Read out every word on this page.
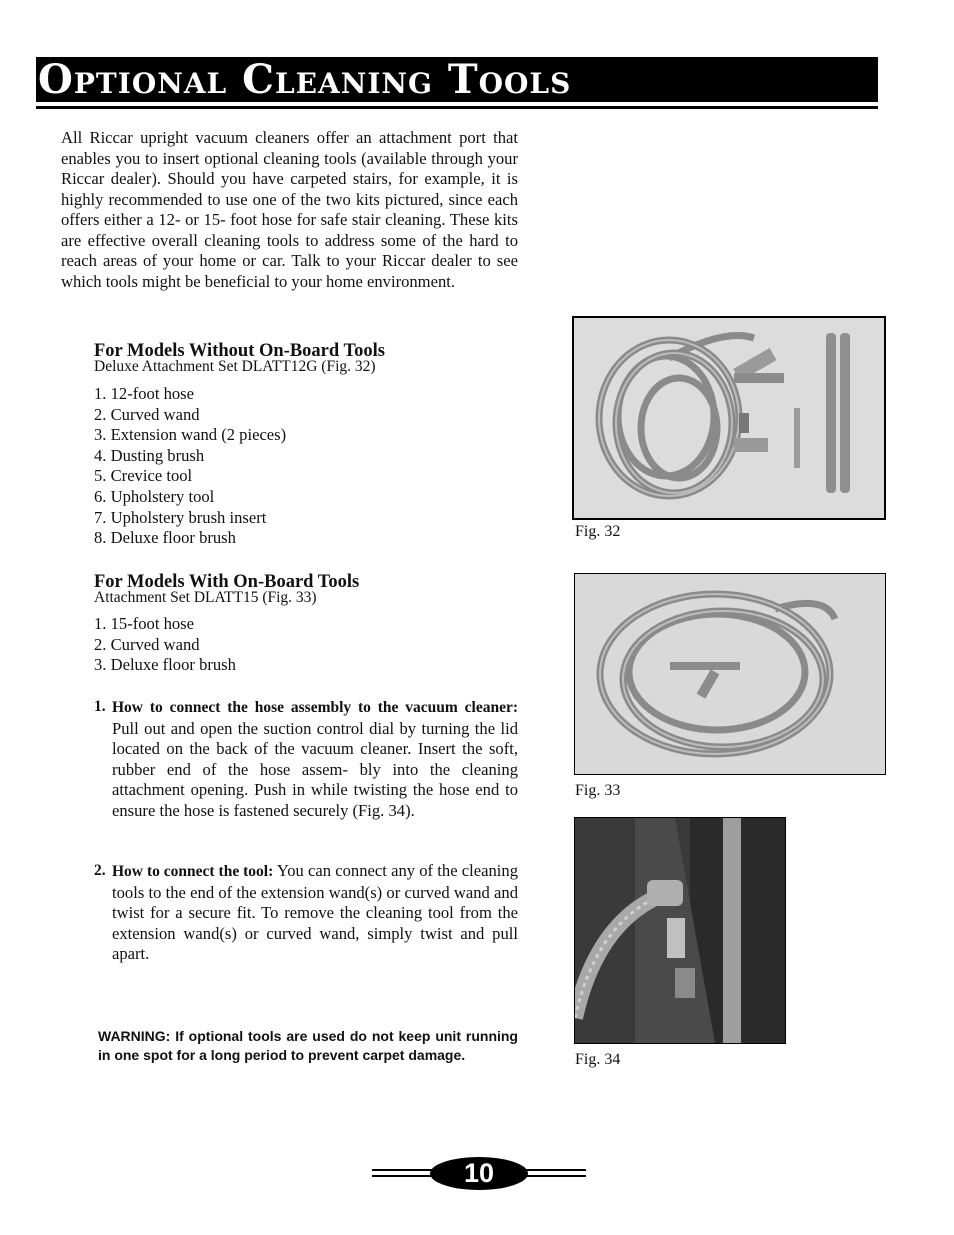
Optional Cleaning Tools

All Riccar upright vacuum cleaners offer an attachment port that enables you to insert optional cleaning tools (available through your Riccar dealer). Should you have carpeted stairs, for example, it is highly recommended to use one of the two kits pictured, since each offers either a 12- or 15- foot hose for safe stair cleaning. These kits are effective overall cleaning tools to address some of the hard to reach areas of your home or car. Talk to your Riccar dealer to see which tools might be beneficial to your home environment.

For Models Without On-Board Tools
Deluxe Attachment Set DLATT12G (Fig. 32)
1. 12-foot hose
2. Curved wand
3. Extension wand (2 pieces)
4. Dusting brush
5. Crevice tool
6. Upholstery tool
7. Upholstery brush insert
8. Deluxe floor brush
For Models With On-Board Tools
Attachment Set DLATT15 (Fig. 33)
1. 15-foot hose
2. Curved wand
3. Deluxe floor brush

1. How to connect the hose assembly to the vacuum cleaner: Pull out and open the suction control dial by turning the lid located on the back of the vacuum cleaner. Insert the soft, rubber end of the hose assem- bly into the cleaning attachment opening. Push in while twisting the hose end to ensure the hose is fastened securely (Fig. 34).

2. How to connect the tool: You can connect any of the cleaning tools to the end of the extension wand(s) or curved wand and twist for a secure fit. To remove the cleaning tool from the extension wand(s) or curved wand, simply twist and pull apart.

WARNING: If optional tools are used do not keep unit running in one spot for a long period to prevent carpet damage.

Fig. 32
Fig. 33
Fig. 34
10
